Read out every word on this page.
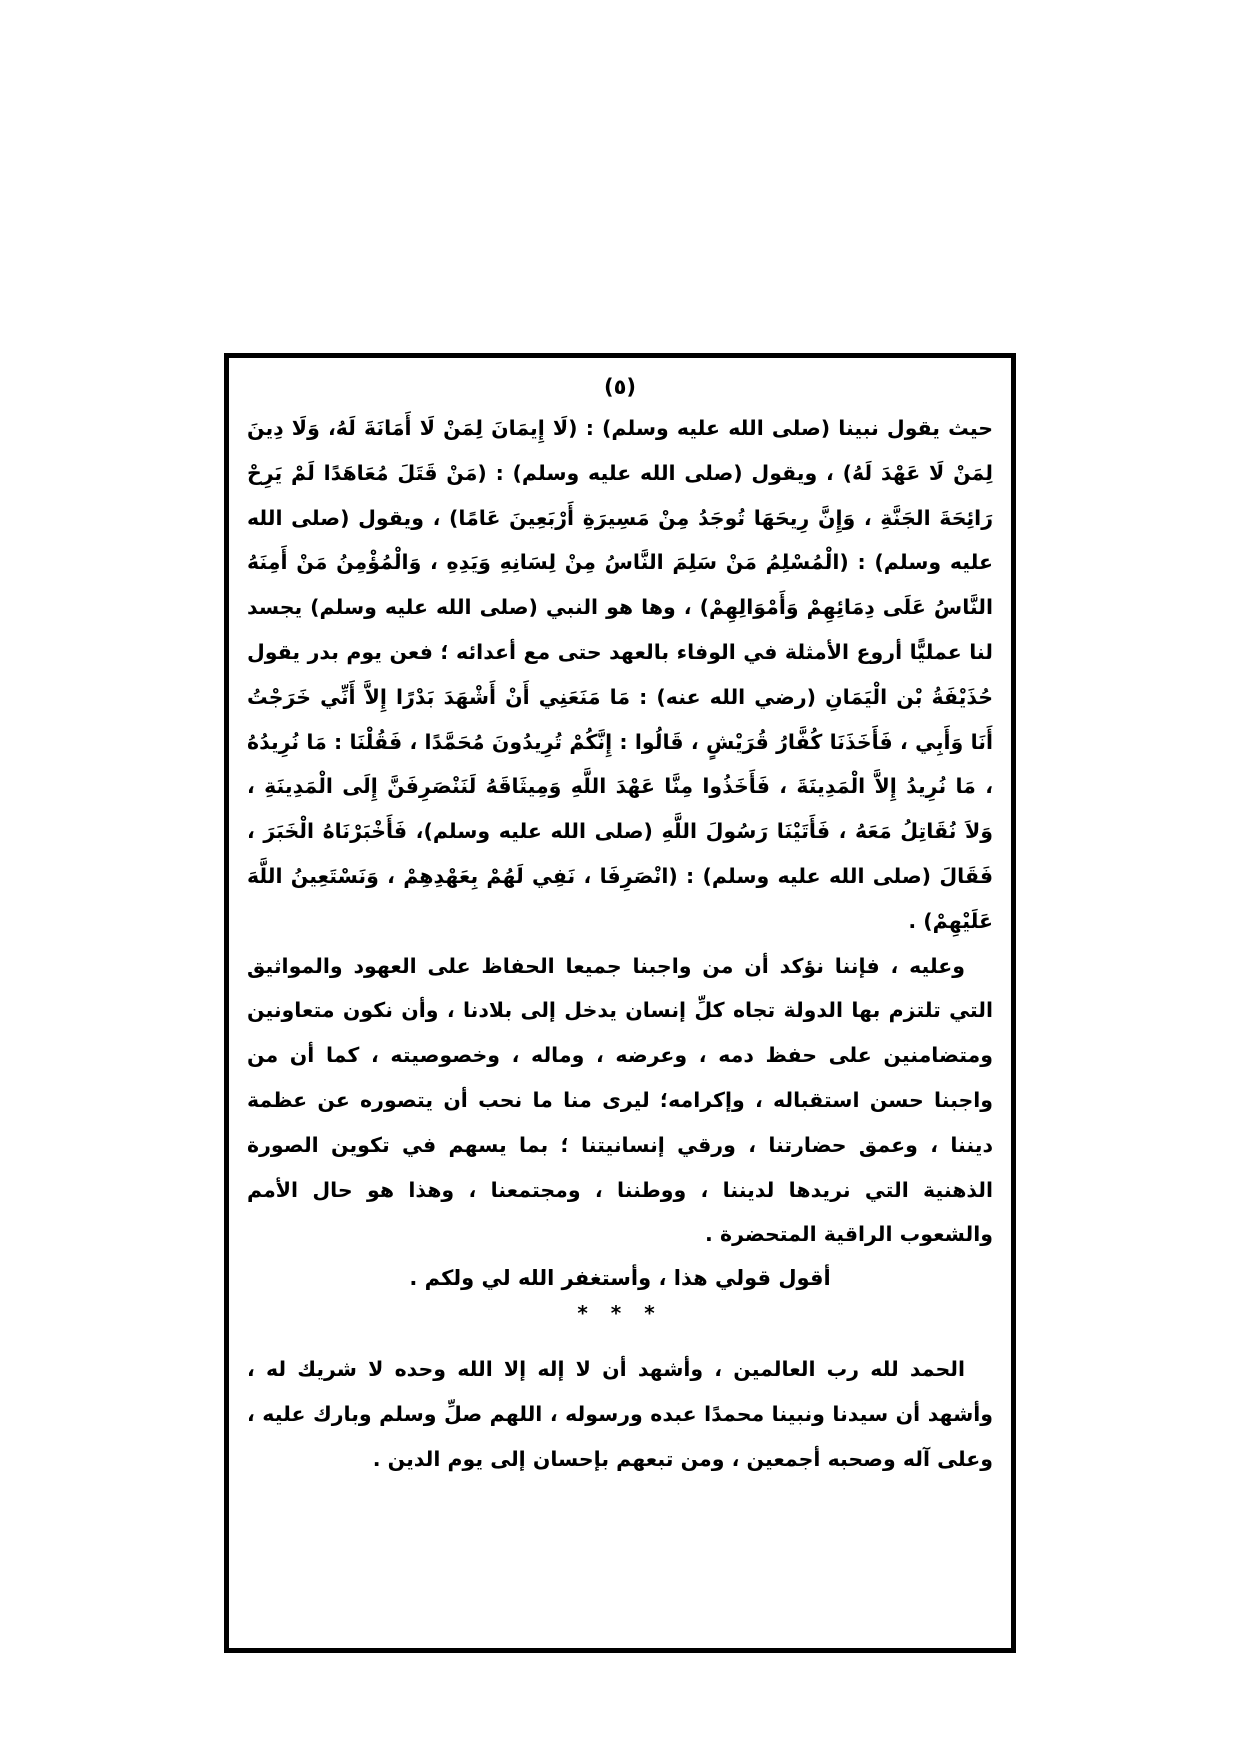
(٥)

حيث يقول نبينا (صلى الله عليه وسلم) : (لَا إِيمَانَ لِمَنْ لَا أَمَانَةَ لَهُ، وَلَا دِينَ لِمَنْ لَا عَهْدَ لَهُ) ، ويقول (صلى الله عليه وسلم) : (مَنْ قَتَلَ مُعَاهَدًا لَمْ يَرِحْ رَائِحَةَ الجَنَّةِ ، وَإِنَّ رِيحَهَا تُوجَدُ مِنْ مَسِيرَةِ أَرْبَعِينَ عَامًا) ، ويقول (صلى الله عليه وسلم) : (الْمُسْلِمُ مَنْ سَلِمَ النَّاسُ مِنْ لِسَانِهِ وَيَدِهِ ، وَالْمُؤْمِنُ مَنْ أَمِنَهُ النَّاسُ عَلَى دِمَائِهِمْ وَأَمْوَالِهِمْ) ، وها هو النبي (صلى الله عليه وسلم) يجسد لنا عمليًّا أروع الأمثلة في الوفاء بالعهد حتى مع أعدائه ؛ فعن يوم بدر يقول حُذَيْفَةُ بْن الْيَمَانِ (رضي الله عنه) : مَا مَنَعَنِي أَنْ أَشْهَدَ بَدْرًا إِلاَّ أَنِّي خَرَجْتُ أَنَا وَأَبِي ، فَأَخَذَنَا كُفَّارُ قُرَيْشٍ ، قَالُوا : إِنَّكُمْ تُرِيدُونَ مُحَمَّدًا ، فَقُلْنَا : مَا نُرِيدُهُ ، مَا نُرِيدُ إِلاَّ الْمَدِينَةَ ، فَأَخَذُوا مِنَّا عَهْدَ اللَّهِ وَمِيثَاقَهُ لَنَنْصَرِفَنَّ إِلَى الْمَدِينَةِ ، وَلاَ نُقَاتِلُ مَعَهُ ، فَأَتَيْنَا رَسُولَ اللَّهِ (صلى الله عليه وسلم)، فَأَخْبَرْنَاهُ الْخَبَرَ ، فَقَالَ (صلى الله عليه وسلم) : (انْصَرِفَا ، نَفِي لَهُمْ بِعَهْدِهِمْ ، وَنَسْتَعِينُ اللَّهَ عَلَيْهِمْ) .

وعليه ، فإننا نؤكد أن من واجبنا جميعا الحفاظ على العهود والمواثيق التي تلتزم بها الدولة تجاه كلِّ إنسان يدخل إلى بلادنا ، وأن نكون متعاونين ومتضامنين على حفظ دمه ، وعرضه ، وماله ، وخصوصيته ، كما أن من واجبنا حسن استقباله ، وإكرامه؛ ليرى منا ما نحب أن يتصوره عن عظمة ديننا ، وعمق حضارتنا ، ورقي إنسانيتنا ؛ بما يسهم في تكوين الصورة الذهنية التي نريدها لديننا ، ووطننا ، ومجتمعنا ، وهذا هو حال الأمم والشعوب الراقية المتحضرة .

أقول قولي هذا ، وأستغفر الله لي ولكم .
* * *

الحمد لله رب العالمين ، وأشهد أن لا إله إلا الله وحده لا شريك له ، وأشهد أن سيدنا ونبينا محمدًا عبده ورسوله ، اللهم صلِّ وسلم وبارك عليه ، وعلى آله وصحبه أجمعين ، ومن تبعهم بإحسان إلى يوم الدين .
